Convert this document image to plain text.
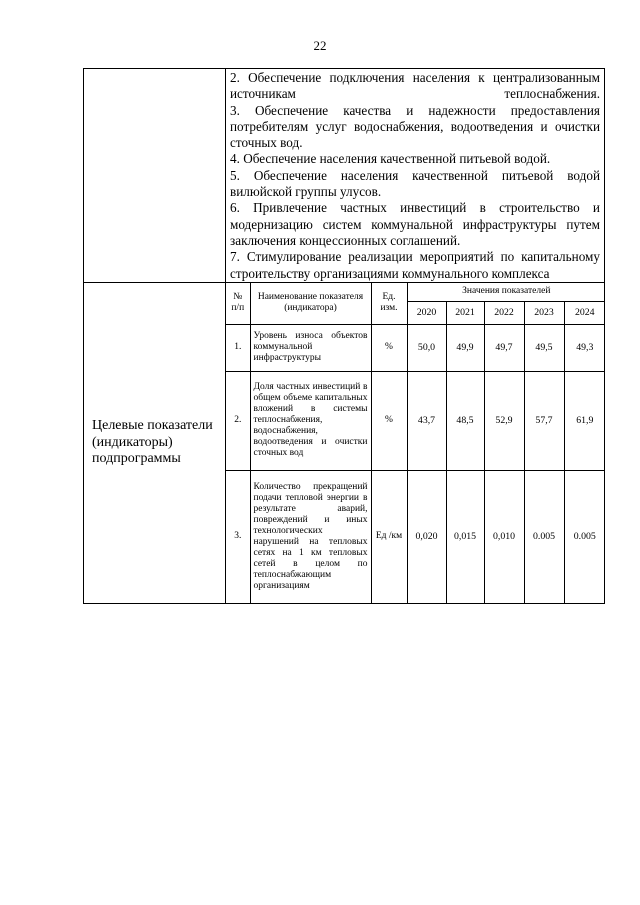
22

2. Обеспечение подключения населения к централизованным источникам теплоснабжения.
3. Обеспечение качества и надежности предоставления потребителям услуг водоснабжения, водоотведения и очистки сточных вод.
4. Обеспечение населения качественной питьевой водой.
5. Обеспечение населения качественной питьевой водой вилюйской группы улусов.
6. Привлечение частных инвестиций в строительство и модернизацию систем коммунальной инфраструктуры путем заключения концессионных соглашений.
7. Стимулирование реализации мероприятий по капитальному строительству организациями коммунального комплекса

Целевые показатели (индикаторы) подпрограммы	
№ п/п	Наименование показателя (индикатора)	Ед. изм.	Значения показателей
2020	2021	2022	2023	2024
1.	Уровень износа объектов коммунальной инфраструктуры	%	50,0	49,9	49,7	49,5	49,3
2.	Доля частных инвестиций в общем объеме капитальных вложений в системы теплоснабжения, водоснабжения, водоотведения и очистки сточных вод	%	43,7	48,5	52,9	57,7	61,9
3.	Количество прекращений подачи тепловой энергии в результате аварий, повреждений и иных технологических нарушений на тепловых сетях на 1 км тепловых сетей в целом по теплоснабжающим организациям	Ед /км	0,020	0,015	0,010	0.005	0.005
